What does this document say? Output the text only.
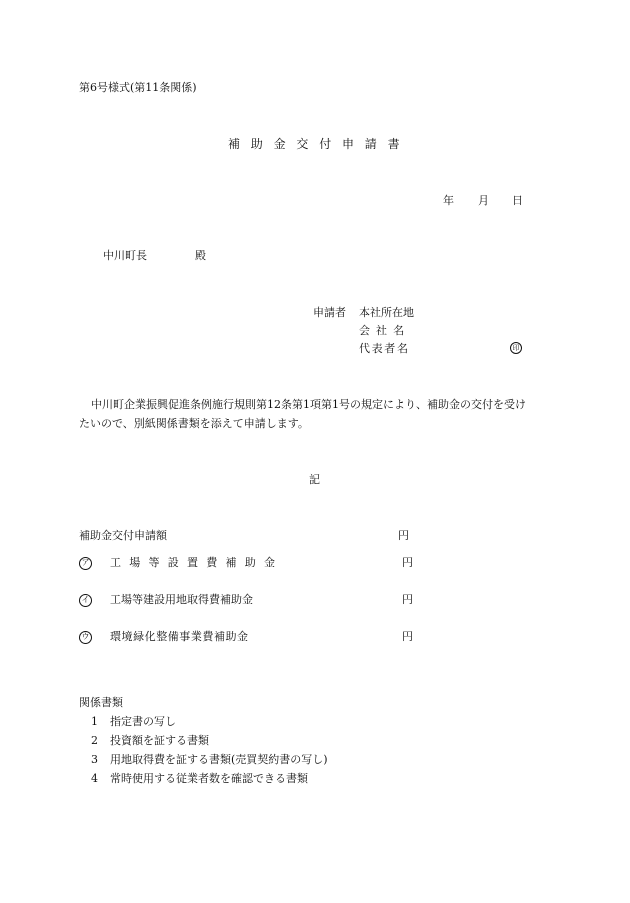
第6号様式(第11条関係)
補助金交付申請書
年 月 日
中川町長	殿
申請者 本社所在地
会社名
代表者名	印
中川町企業振興促進条例施行規則第12条第1項第1号の規定により、補助金の交付を受け
たいので、別紙関係書類を添えて申請します。
記
補助金交付申請額	円
ア 工場等設置費補助金	円
イ 工場等建設用地取得費補助金	円
ウ 環境緑化整備事業費補助金	円
関係書類
1 指定書の写し
2 投資額を証する書類
3 用地取得費を証する書類(売買契約書の写し)
4 常時使用する従業者数を確認できる書類
